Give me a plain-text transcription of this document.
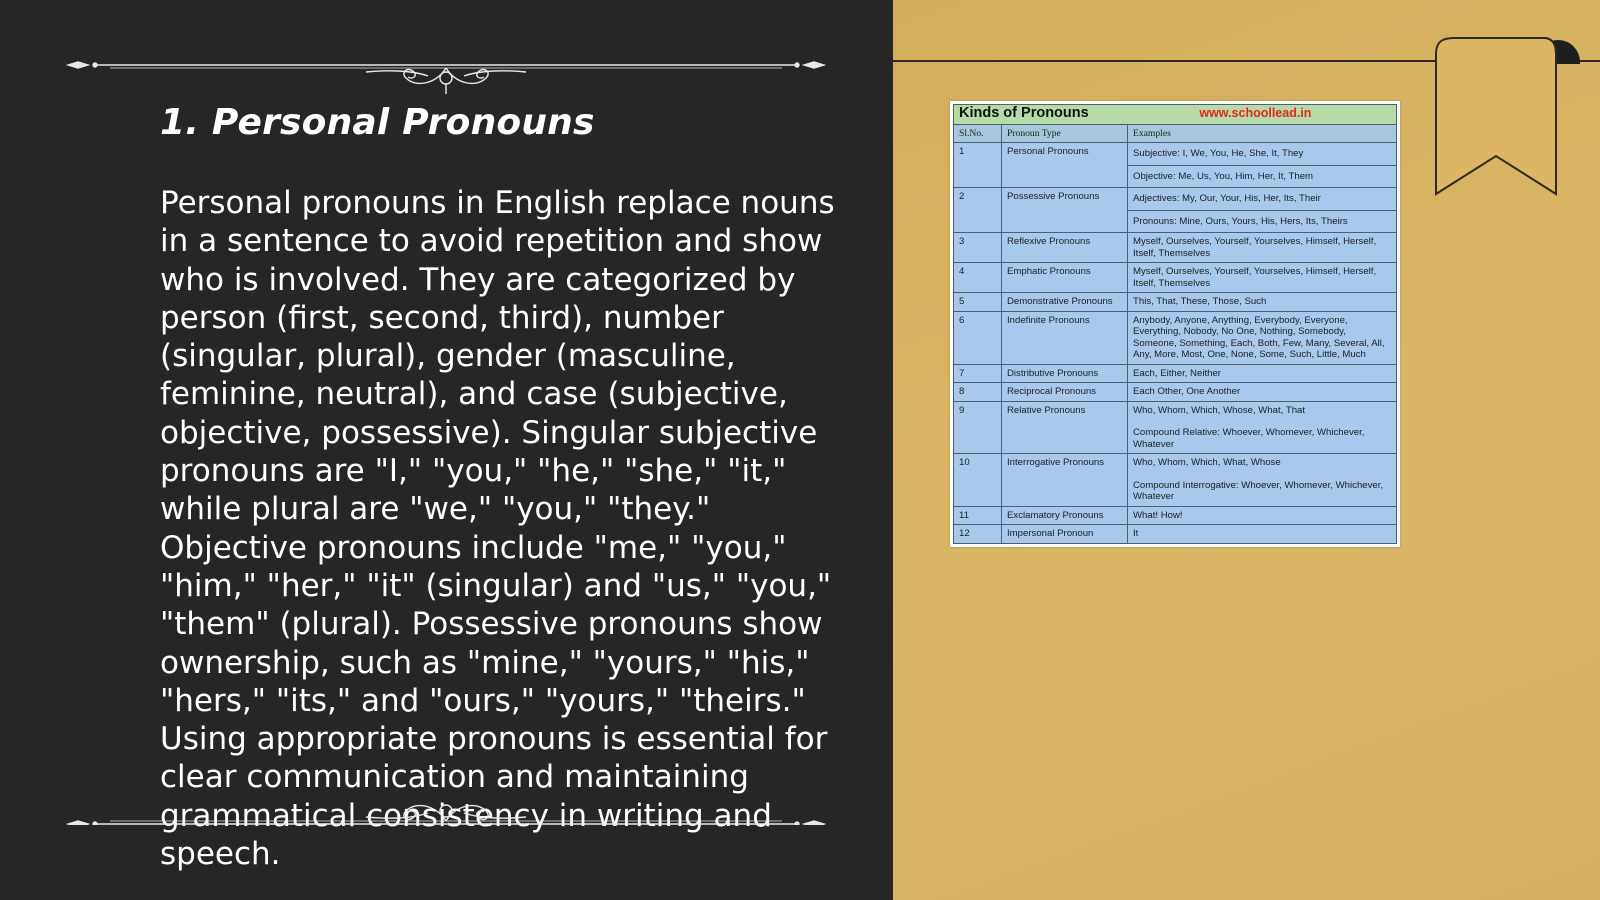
1. Personal Pronouns

Personal pronouns in English replace nouns in a sentence to avoid repetition and show who is involved. They are categorized by person (first, second, third), number (singular, plural), gender (masculine, feminine, neutral), and case (subjective, objective, possessive). Singular subjective pronouns are "I," "you," "he," "she," "it," while plural are "we," "you," "they." Objective pronouns include "me," "you," "him," "her," "it" (singular) and "us," "you," "them" (plural). Possessive pronouns show ownership, such as "mine," "yours," "his," "hers," "its," and "ours," "yours," "theirs." Using appropriate pronouns is essential for clear communication and maintaining grammatical consistency in writing and speech.

Kinds of Pronouns www.schoollead.in		
Sl.No.	Pronoun Type	Examples
1	Personal Pronouns	Subjective: I, We, You, He, She, It, They
Objective: Me, Us, You, Him, Her, It, Them

2	Possessive Pronouns	Adjectives: My, Our, Your, His, Her, Its, Their
Pronouns: Mine, Ours, Yours, His, Hers, Its, Theirs

3	Reflexive Pronouns	Myself, Ourselves, Yourself, Yourselves, Himself, Herself, Itself, Themselves

4	Emphatic Pronouns	Myself, Ourselves, Yourself, Yourselves, Himself, Herself, Itself, Themselves

5	Demonstrative Pronouns	This, That, These, Those, Such

6	Indefinite Pronouns	Anybody, Anyone, Anything, Everybody, Everyone, Everything, Nobody, No One, Nothing, Somebody, Someone, Something, Each, Both, Few, Many, Several, All, Any, More, Most, One, None, Some, Such, Little, Much

7	Distributive Pronouns	Each, Either, Neither

8	Reciprocal Pronouns	Each Other, One Another

9	Relative Pronouns	Who, Whom, Which, Whose, What, That
Compound Relative: Whoever, Whomever, Whichever, Whatever

10	Interrogative Pronouns	Who, Whom, Which, What, Whose
Compound Interrogative: Whoever, Whomever, Whichever, Whatever

11	Exclamatory Pronouns	What! How!

12	Impersonal Pronoun	It
